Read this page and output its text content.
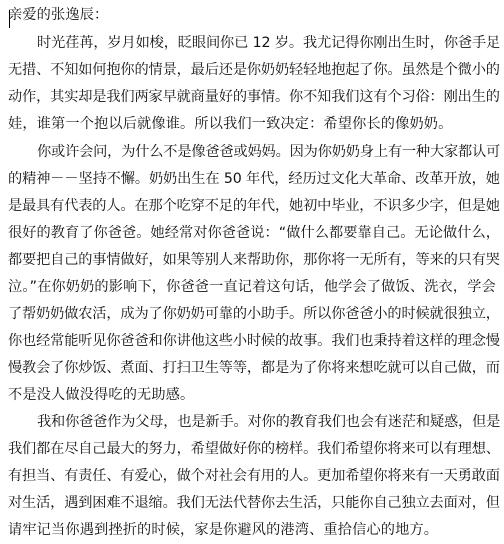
亲爱的张逸辰：
时光荏苒，岁月如梭，眨眼间你已 12 岁。我尤记得你刚出生时，你爸手足
无措、不知如何抱你的情景，最后还是你奶奶轻轻地抱起了你。虽然是个微小的
动作，其实却是我们两家早就商量好的事情。你不知我们这有个习俗：刚出生的
娃，谁第一个抱以后就像谁。所以我们一致决定：希望你长的像奶奶。
你或许会问，为什么不是像爸爸或妈妈。因为你奶奶身上有一种大家都认可
的精神－－坚持不懈。奶奶出生在 50 年代，经历过文化大革命、改革开放，她
是最具有代表的人。在那个吃穿不足的年代，她初中毕业，不识多少字，但是她
很好的教育了你爸爸。她经常对你爸爸说：“做什么都要靠自己。无论做什么，
都要把自己的事情做好，如果等别人来帮助你，那你将一无所有，等来的只有哭
泣。”在你奶奶的影响下，你爸爸一直记着这句话，他学会了做饭、洗衣，学会
了帮奶奶做农活，成为了你奶奶可靠的小助手。所以你爸爸小的时候就很独立，
你也经常能听见你爸爸和你讲他这些小时候的故事。我们也秉持着这样的理念慢
慢教会了你炒饭、煮面、打扫卫生等等，都是为了你将来想吃就可以自己做，而
不是没人做没得吃的无助感。
我和你爸爸作为父母，也是新手。对你的教育我们也会有迷茫和疑惑，但是
我们都在尽自己最大的努力，希望做好你的榜样。我们希望你将来可以有理想、
有担当、有责任、有爱心，做个对社会有用的人。更加希望你将来有一天勇敢面
对生活，遇到困难不退缩。我们无法代替你去生活，只能你自己独立去面对，但
请牢记当你遇到挫折的时候，家是你避风的港湾、重拾信心的地方。
